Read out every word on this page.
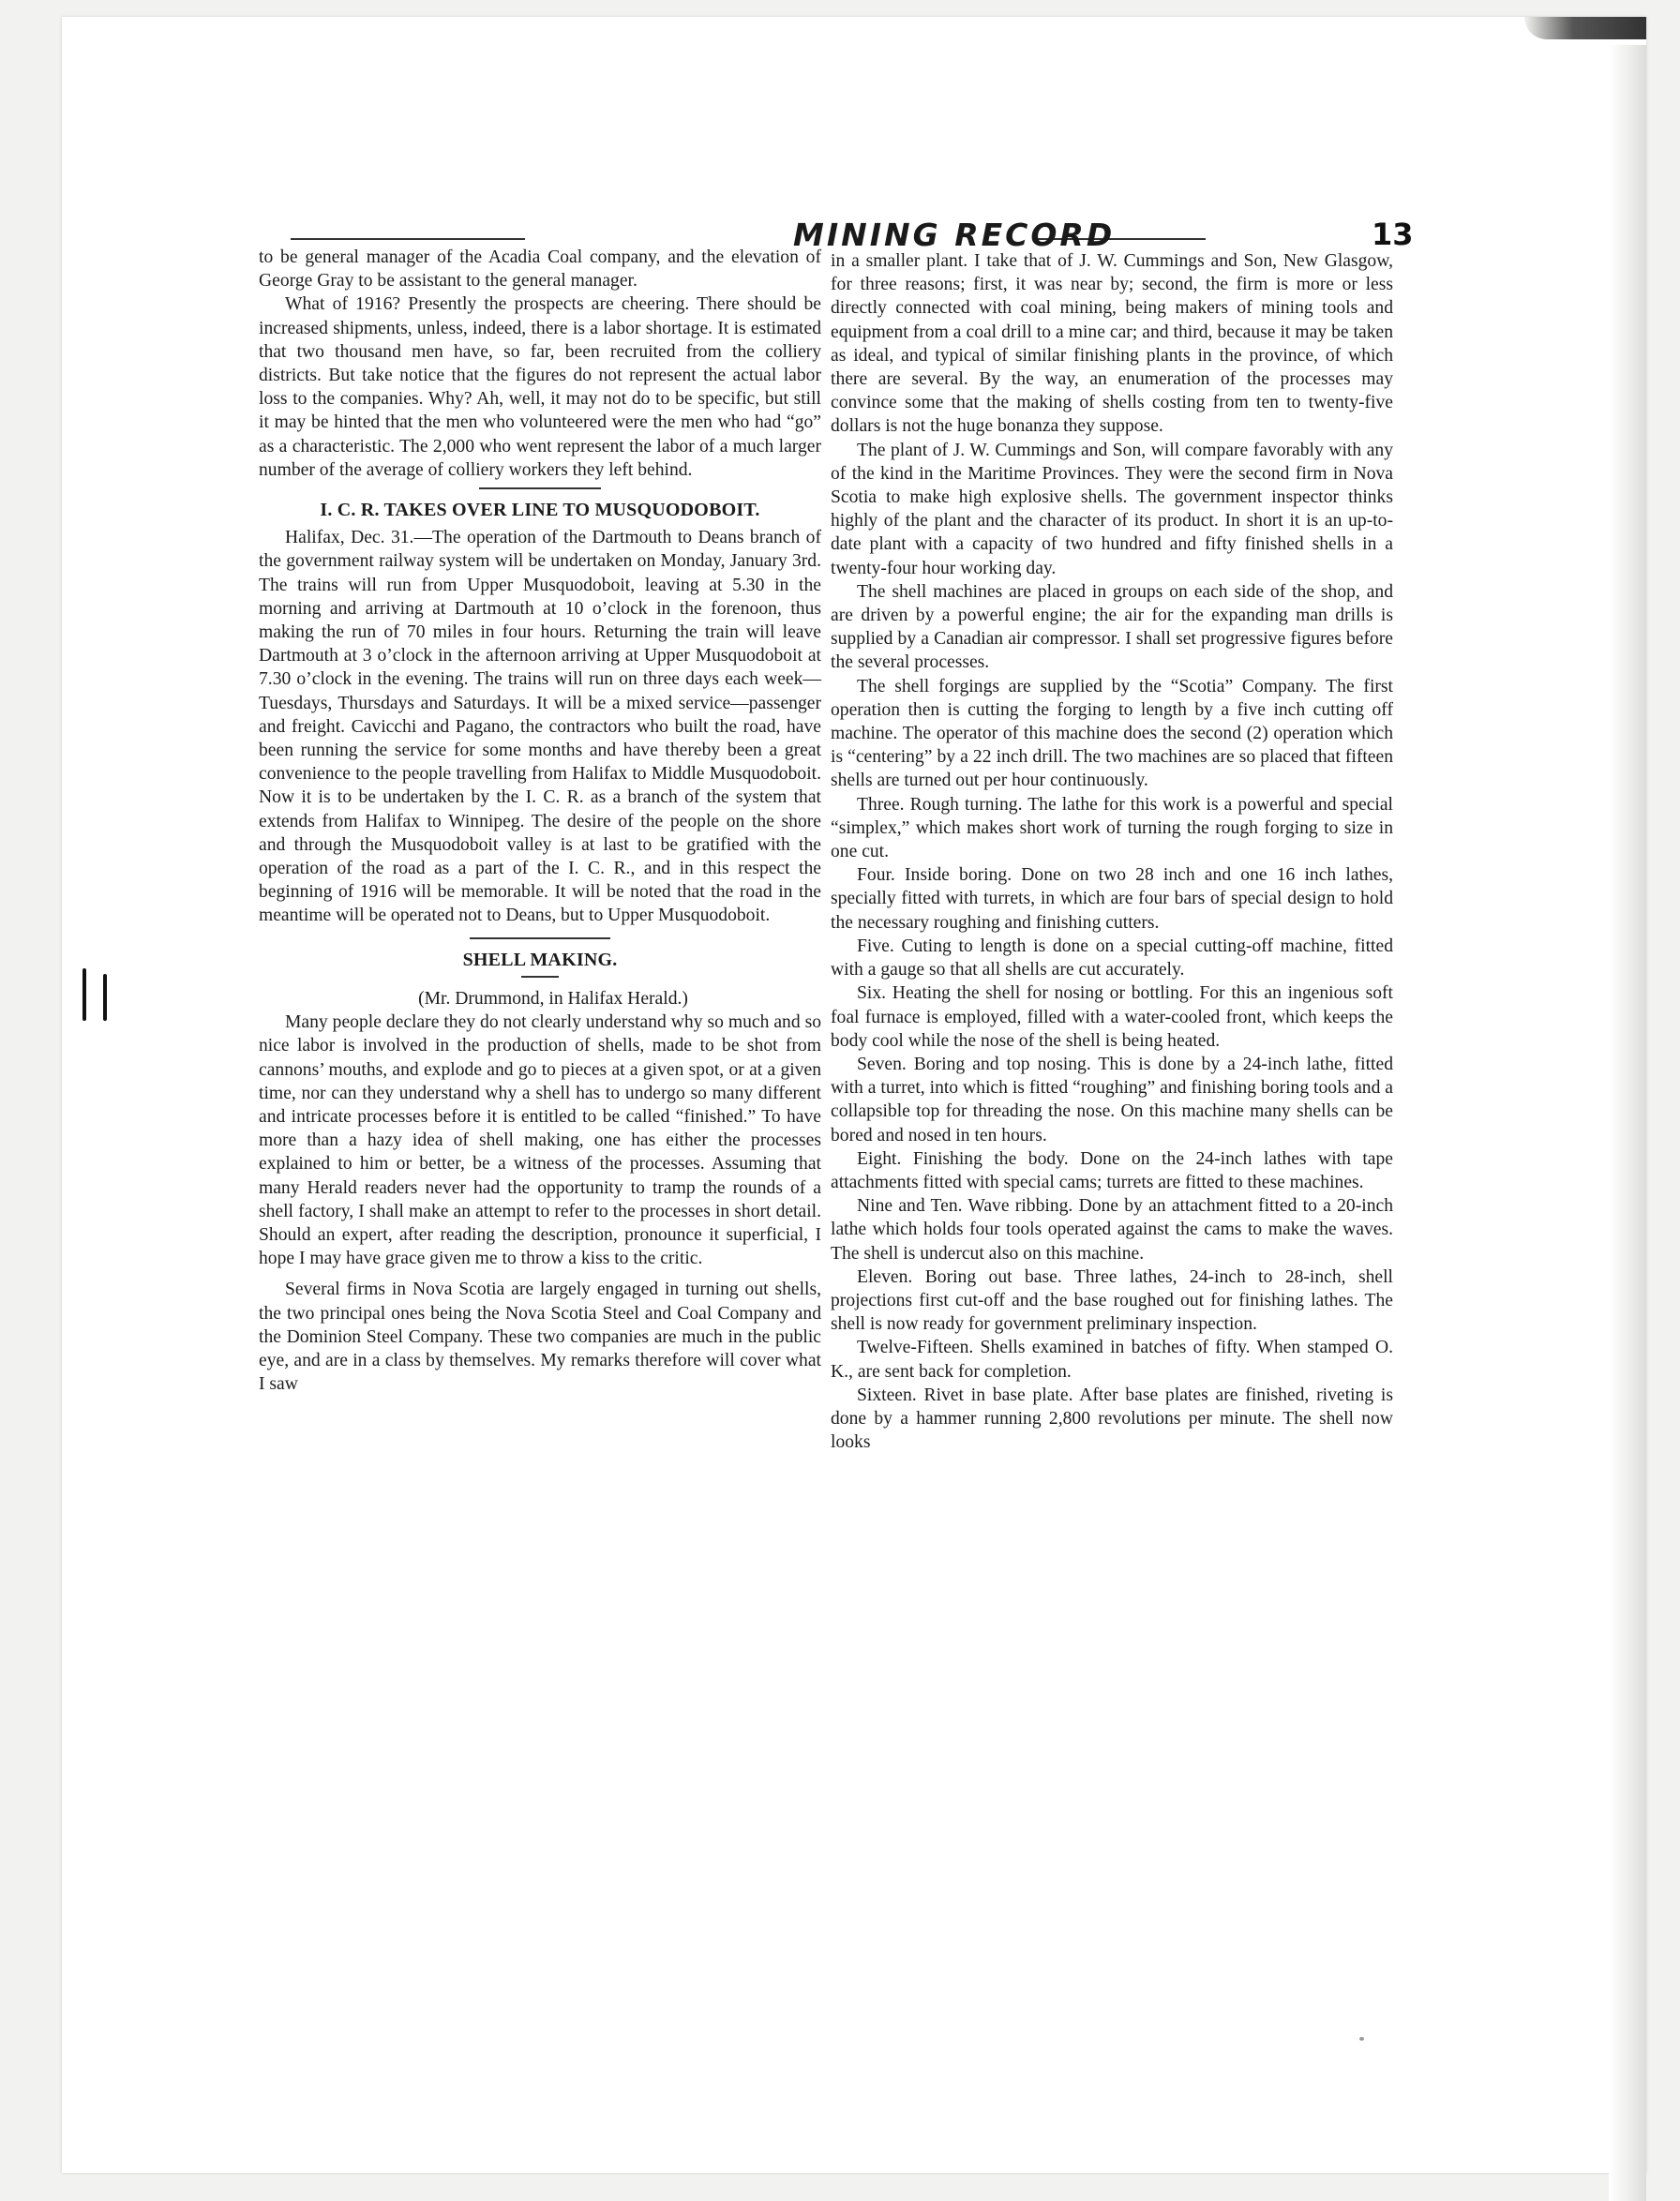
MINING RECORD	13

to be general manager of the Acadia Coal company, and the elevation of George Gray to be assistant to the general manager.

What of 1916? Presently the prospects are cheering. There should be increased shipments, unless, indeed, there is a labor shortage. It is estimated that two thousand men have, so far, been recruited from the colliery districts. But take notice that the figures do not represent the actual labor loss to the companies. Why? Ah, well, it may not do to be specific, but still it may be hinted that the men who volunteered were the men who had “go” as a characteristic. The 2,000 who went represent the labor of a much larger number of the average of colliery workers they left behind.

I. C. R. TAKES OVER LINE TO MUSQUODOBOIT.

Halifax, Dec. 31.—The operation of the Dartmouth to Deans branch of the government railway system will be undertaken on Monday, January 3rd. The trains will run from Upper Musquodoboit, leaving at 5.30 in the morning and arriving at Dartmouth at 10 o’clock in the forenoon, thus making the run of 70 miles in four hours. Returning the train will leave Dartmouth at 3 o’clock in the afternoon arriving at Upper Musquodoboit at 7.30 o’clock in the evening. The trains will run on three days each week—Tuesdays, Thursdays and Saturdays. It will be a mixed service—passenger and freight. Cavicchi and Pagano, the contractors who built the road, have been running the service for some months and have thereby been a great convenience to the people travelling from Halifax to Middle Musquodoboit. Now it is to be undertaken by the I. C. R. as a branch of the system that extends from Halifax to Winnipeg. The desire of the people on the shore and through the Musquodoboit valley is at last to be gratified with the operation of the road as a part of the I. C. R., and in this respect the beginning of 1916 will be memorable. It will be noted that the road in the meantime will be operated not to Deans, but to Upper Musquodoboit.

SHELL MAKING.

(Mr. Drummond, in Halifax Herald.)

Many people declare they do not clearly understand why so much and so nice labor is involved in the production of shells, made to be shot from cannons’ mouths, and explode and go to pieces at a given spot, or at a given time, nor can they understand why a shell has to undergo so many different and intricate processes before it is entitled to be called “finished.” To have more than a hazy idea of shell making, one has either the processes explained to him or better, be a witness of the processes. Assuming that many Herald readers never had the opportunity to tramp the rounds of a shell factory, I shall make an attempt to refer to the processes in short detail. Should an expert, after reading the description, pronounce it superficial, I hope I may have grace given me to throw a kiss to the critic.

Several firms in Nova Scotia are largely engaged in turning out shells, the two principal ones being the Nova Scotia Steel and Coal Company and the Dominion Steel Company. These two companies are much in the public eye, and are in a class by themselves. My remarks therefore will cover what I saw

in a smaller plant. I take that of J. W. Cummings and Son, New Glasgow, for three reasons; first, it was near by; second, the firm is more or less directly connected with coal mining, being makers of mining tools and equipment from a coal drill to a mine car; and third, because it may be taken as ideal, and typical of similar finishing plants in the province, of which there are several. By the way, an enumeration of the processes may convince some that the making of shells costing from ten to twenty-five dollars is not the huge bonanza they suppose.

The plant of J. W. Cummings and Son, will compare favorably with any of the kind in the Maritime Provinces. They were the second firm in Nova Scotia to make high explosive shells. The government inspector thinks highly of the plant and the character of its product. In short it is an up-to-date plant with a capacity of two hundred and fifty finished shells in a twenty-four hour working day.

The shell machines are placed in groups on each side of the shop, and are driven by a powerful engine; the air for the expanding man drills is supplied by a Canadian air compressor. I shall set progressive figures before the several processes.

The shell forgings are supplied by the “Scotia” Company. The first operation then is cutting the forging to length by a five inch cutting off machine. The operator of this machine does the second (2) operation which is “centering” by a 22 inch drill. The two machines are so placed that fifteen shells are turned out per hour continuously.

Three. Rough turning. The lathe for this work is a powerful and special “simplex,” which makes short work of turning the rough forging to size in one cut.

Four. Inside boring. Done on two 28 inch and one 16 inch lathes, specially fitted with turrets, in which are four bars of special design to hold the necessary roughing and finishing cutters.

Five. Cuting to length is done on a special cutting-off machine, fitted with a gauge so that all shells are cut accurately.

Six. Heating the shell for nosing or bottling. For this an ingenious soft foal furnace is employed, filled with a water-cooled front, which keeps the body cool while the nose of the shell is being heated.

Seven. Boring and top nosing. This is done by a 24-inch lathe, fitted with a turret, into which is fitted “roughing” and finishing boring tools and a collapsible top for threading the nose. On this machine many shells can be bored and nosed in ten hours.

Eight. Finishing the body. Done on the 24-inch lathes with tape attachments fitted with special cams; turrets are fitted to these machines.

Nine and Ten. Wave ribbing. Done by an attachment fitted to a 20-inch lathe which holds four tools operated against the cams to make the waves. The shell is undercut also on this machine.

Eleven. Boring out base. Three lathes, 24-inch to 28-inch, shell projections first cut-off and the base roughed out for finishing lathes. The shell is now ready for government preliminary inspection.

Twelve-Fifteen. Shells examined in batches of fifty. When stamped O. K., are sent back for completion.

Sixteen. Rivet in base plate. After base plates are finished, riveting is done by a hammer running 2,800 revolutions per minute. The shell now looks
